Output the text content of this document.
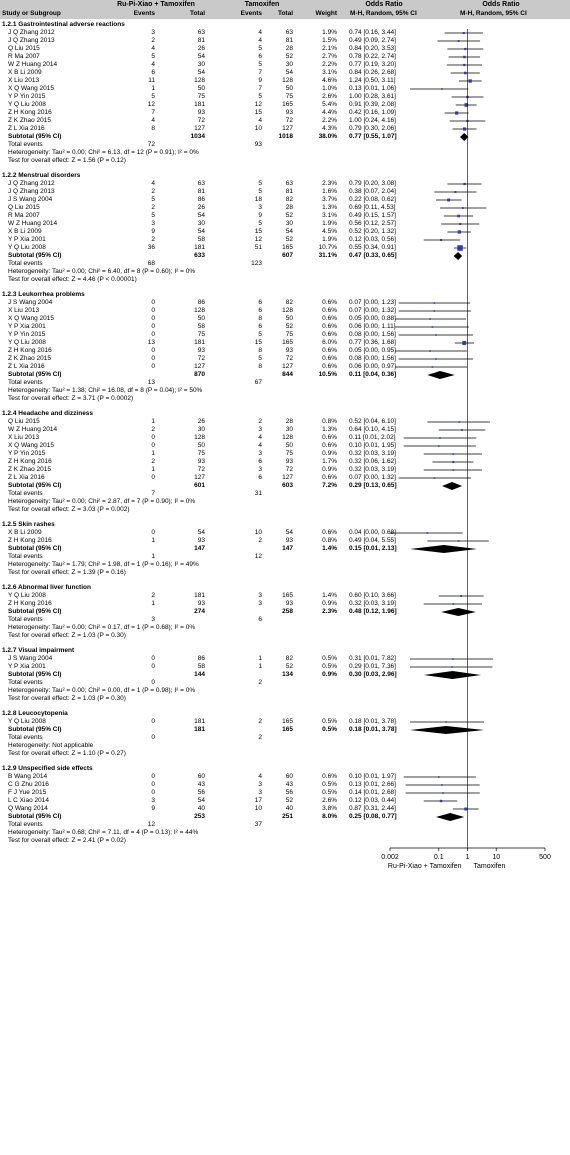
Ru-Pi-Xiao + Tamoxifen	Tamoxifen	Odds Ratio	Odds Ratio
Study or Subgroup	Events	Total	Events	Total	Weight M-H, Random, 95% CI	M-H, Random, 95% CI
1.2.1 Gastrointestinal adverse reactions
J Q Zhang 2012	3	63	4	63	1.9% 0.74 [0.16, 3.44]
J Q Zhang 2013	2	81	4	81	1.5% 0.49 [0.09, 2.74]
Q Liu 2015	4	26	5	28	2.1% 0.84 [0.20, 3.53]
R Ma 2007	5	54	6	52	2.7% 0.78 [0.22, 2.74]
W Z Huang 2014	4	30	5	30	2.2% 0.77 [0.19, 3.20]
X B Li 2009	6	54	7	54	3.1% 0.84 [0.26, 2.68]
X Liu 2013	11	128	9	128	4.6% 1.24 [0.50, 3.11]
X Q Wang 2015	1	50	7	50	1.0% 0.13 [0.01, 1.06]
Y P Yin 2015	5	75	5	75	2.6% 1.00 [0.28, 3.61]
Y Q Liu 2008	12	181	12	165	5.4% 0.91 [0.39, 2.08]
Z H Kong 2016	7	93	15	93	4.4% 0.42 [0.16, 1.09]
Z K Zhao 2015	4	72	4	72	2.2% 1.00 [0.24, 4.16]
Z L Xia 2016	8	127	10	127	4.3% 0.79 [0.30, 2.06]
Subtotal (95% CI)	1034	1018	38.0% 0.77 [0.55, 1.07]
Total events	72	93
Heterogeneity: Tau² = 0.00; Chi² = 6.13, df = 12 (P = 0.91); I² = 0%
Test for overall effect: Z = 1.56 (P = 0.12)
1.2.2 Menstrual disorders
J Q Zhang 2012	4	63	5	63	2.3% 0.79 [0.20, 3.08]
J Q Zhang 2013	2	81	5	81	1.6% 0.38 [0.07, 2.04]
J S Wang 2004	5	86	18	82	3.7% 0.22 [0.08, 0.62]
Q Liu 2015	2	26	3	28	1.3% 0.69 [0.11, 4.53]
R Ma 2007	5	54	9	52	3.1% 0.49 [0.15, 1.57]
W Z Huang 2014	3	30	5	30	1.9% 0.56 [0.12, 2.57]
X B Li 2009	9	54	15	54	4.5% 0.52 [0.20, 1.32]
Y P Xia 2001	2	58	12	52	1.9% 0.12 [0.03, 0.56]
Y Q Liu 2008	36	181	51	165	10.7% 0.55 [0.34, 0.91]
Subtotal (95% CI)	633	607	31.1% 0.47 [0.33, 0.65]
Total events	68	123
Heterogeneity: Tau² = 0.00; Chi² = 6.40, df = 8 (P = 0.60); I² = 0%
Test for overall effect: Z = 4.46 (P < 0.00001)
1.2.3 Leukorrhea problems
J S Wang 2004	0	86	6	82	0.6% 0.07 [0.00, 1.23]
X Liu 2013	0	128	6	128	0.6% 0.07 [0.00, 1.32]
X Q Wang 2015	0	50	8	50	0.6% 0.05 [0.00, 0.88]
Y P Xia 2001	0	58	6	52	0.6% 0.06 [0.00, 1.11]
Y P Yin 2015	0	75	5	75	0.6% 0.08 [0.00, 1.56]
Y Q Liu 2008	13	181	15	165	6.0% 0.77 [0.36, 1.68]
Z H Kong 2016	0	93	8	93	0.6% 0.05 [0.00, 0.95]
Z K Zhao 2015	0	72	5	72	0.6% 0.08 [0.00, 1.56]
Z L Xia 2016	0	127	8	127	0.6% 0.06 [0.00, 0.97]
Subtotal (95% CI)	870	844	10.5% 0.11 [0.04, 0.36]
Total events	13	67
Heterogeneity: Tau² = 1.38; Chi² = 16.08, df = 8 (P = 0.04); I² = 50%
Test for overall effect: Z = 3.71 (P = 0.0002)
1.2.4 Headache and dizziness
Q Liu 2015	1	26	2	28	0.8% 0.52 [0.04, 6.10]
W Z Huang 2014	2	30	3	30	1.3% 0.64 [0.10, 4.15]
X Liu 2013	0	128	4	128	0.6% 0.11 [0.01, 2.02]
X Q Wang 2015	0	50	4	50	0.6% 0.10 [0.01, 1.95]
Y P Yin 2015	1	75	3	75	0.9% 0.32 [0.03, 3.19]
Z H Kong 2016	2	93	6	93	1.7% 0.32 [0.06, 1.62]
Z K Zhao 2015	1	72	3	72	0.9% 0.32 [0.03, 3.19]
Z L Xia 2016	0	127	6	127	0.6% 0.07 [0.00, 1.32]
Subtotal (95% CI)	601	603	7.2% 0.29 [0.13, 0.65]
Total events	7	31
Heterogeneity: Tau² = 0.00; Chi² = 2.87, df = 7 (P = 0.90); I² = 0%
Test for overall effect: Z = 3.03 (P = 0.002)
1.2.5 Skin rashes
X B Li 2009	0	54	10	54	0.6% 0.04 [0.00, 0.68]
Z H Kong 2016	1	93	2	93	0.8% 0.49 [0.04, 5.55]
Subtotal (95% CI)	147	147	1.4% 0.15 [0.01, 2.13]
Total events	1	12
Heterogeneity: Tau² = 1.79; Chi² = 1.98, df = 1 (P = 0.16); I² = 49%
Test for overall effect: Z = 1.39 (P = 0.16)
1.2.6 Abnormal liver function
Y Q Liu 2008	2	181	3	165	1.4% 0.60 [0.10, 3.66]
Z H Kong 2016	1	93	3	93	0.9% 0.32 [0.03, 3.19]
Subtotal (95% CI)	274	258	2.3% 0.48 [0.12, 1.96]
Total events	3	6
Heterogeneity: Tau² = 0.00; Chi² = 0.17, df = 1 (P = 0.68); I² = 0%
Test for overall effect: Z = 1.03 (P = 0.30)
1.2.7 Visual impairment
J S Wang 2004	0	86	1	82	0.5% 0.31 [0.01, 7.82]
Y P Xia 2001	0	58	1	52	0.5% 0.29 [0.01, 7.36]
Subtotal (95% CI)	144	134	0.9% 0.30 [0.03, 2.96]
Total events	0	2
Heterogeneity: Tau² = 0.00; Chi² = 0.00, df = 1 (P = 0.98); I² = 0%
Test for overall effect: Z = 1.03 (P = 0.30)
1.2.8 Leucocytopenia
Y Q Liu 2008	0	181	2	165	0.5% 0.18 [0.01, 3.78]
Subtotal (95% CI)	181	165	0.5% 0.18 [0.01, 3.78]
Total events	0	2
Heterogeneity: Not applicable
Test for overall effect: Z = 1.10 (P = 0.27)
1.2.9 Unspecified side effects
B Wang 2014	0	60	4	60	0.6% 0.10 [0.01, 1.97]
C G Zhu 2016	0	43	3	43	0.5% 0.13 [0.01, 2.66]
F J Yue 2015	0	56	3	56	0.5% 0.14 [0.01, 2.68]
L C Xiao 2014	3	54	17	52	2.6% 0.12 [0.03, 0.44]
Q Wang 2014	9	40	10	40	3.8% 0.87 [0.31, 2.44]
Subtotal (95% CI)	253	251	8.0% 0.25 [0.08, 0.77]
Total events	12	37
Heterogeneity: Tau² = 0.68; Chi² = 7.11, df = 4 (P = 0.13); I² = 44%
Test for overall effect: Z = 2.41 (P = 0.02)
0.002	0.1	1	10	500
Ru-Pi-Xiao + Tamoxifen Tamoxifen
